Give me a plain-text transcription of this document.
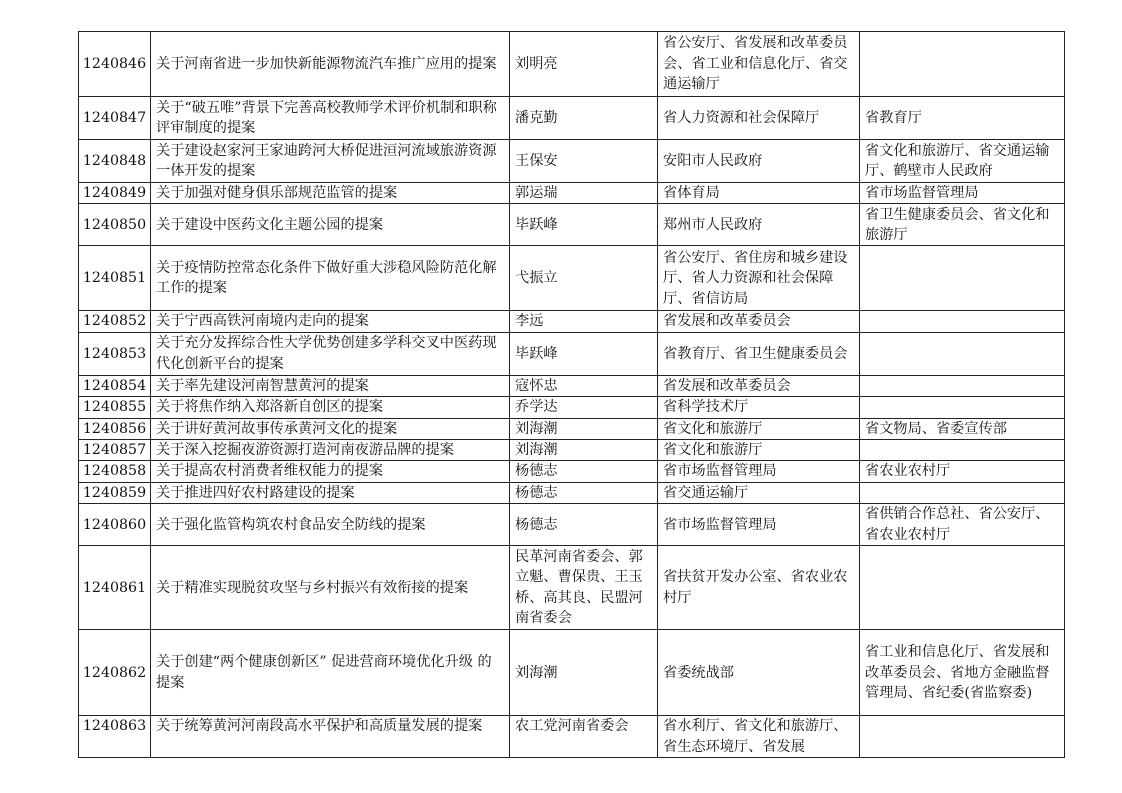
1240846	关于河南省进一步加快新能源物流汽车推广应用的提案	刘明亮	省公安厅、省发展和改革委员会、省工业和信息化厅、省交通运输厅	
1240847	关于“破五唯”背景下完善高校教师学术评价机制和职称评审制度的提案	潘克勤	省人力资源和社会保障厅	省教育厅
1240848	关于建设赵家河王家迪跨河大桥促进洹河流域旅游资源一体开发的提案	王保安	安阳市人民政府	省文化和旅游厅、省交通运输厅、鹤壁市人民政府
1240849	关于加强对健身俱乐部规范监管的提案	郭运瑞	省体育局	省市场监督管理局
1240850	关于建设中医药文化主题公园的提案	毕跃峰	郑州市人民政府	省卫生健康委员会、省文化和旅游厅
1240851	关于疫情防控常态化条件下做好重大涉稳风险防范化解工作的提案	弋振立	省公安厅、省住房和城乡建设厅、省人力资源和社会保障厅、省信访局	
1240852	关于宁西高铁河南境内走向的提案	李远	省发展和改革委员会	
1240853	关于充分发挥综合性大学优势创建多学科交叉中医药现代化创新平台的提案	毕跃峰	省教育厅、省卫生健康委员会	
1240854	关于率先建设河南智慧黄河的提案	寇怀忠	省发展和改革委员会	
1240855	关于将焦作纳入郑洛新自创区的提案	乔学达	省科学技术厅	
1240856	关于讲好黄河故事传承黄河文化的提案	刘海潮	省文化和旅游厅	省文物局、省委宣传部
1240857	关于深入挖掘夜游资源打造河南夜游品牌的提案	刘海潮	省文化和旅游厅	
1240858	关于提高农村消费者维权能力的提案	杨德志	省市场监督管理局	省农业农村厅
1240859	关于推进四好农村路建设的提案	杨德志	省交通运输厅	
1240860	关于强化监管构筑农村食品安全防线的提案	杨德志	省市场监督管理局	省供销合作总社、省公安厅、省农业农村厅
1240861	关于精准实现脱贫攻坚与乡村振兴有效衔接的提案	民革河南省委会、郭立魁、曹保贵、王玉桥、高其良、民盟河南省委会	省扶贫开发办公室、省农业农村厅	
1240862	关于创建“两个健康创新区” 促进营商环境优化升级 的提案	刘海潮	省委统战部	省工业和信息化厅、省发展和改革委员会、省地方金融监督管理局、省纪委(省监察委)
1240863	关于统筹黄河河南段高水平保护和高质量发展的提案	农工党河南省委会	省水利厅、省文化和旅游厅、省生态环境厅、省发展	
